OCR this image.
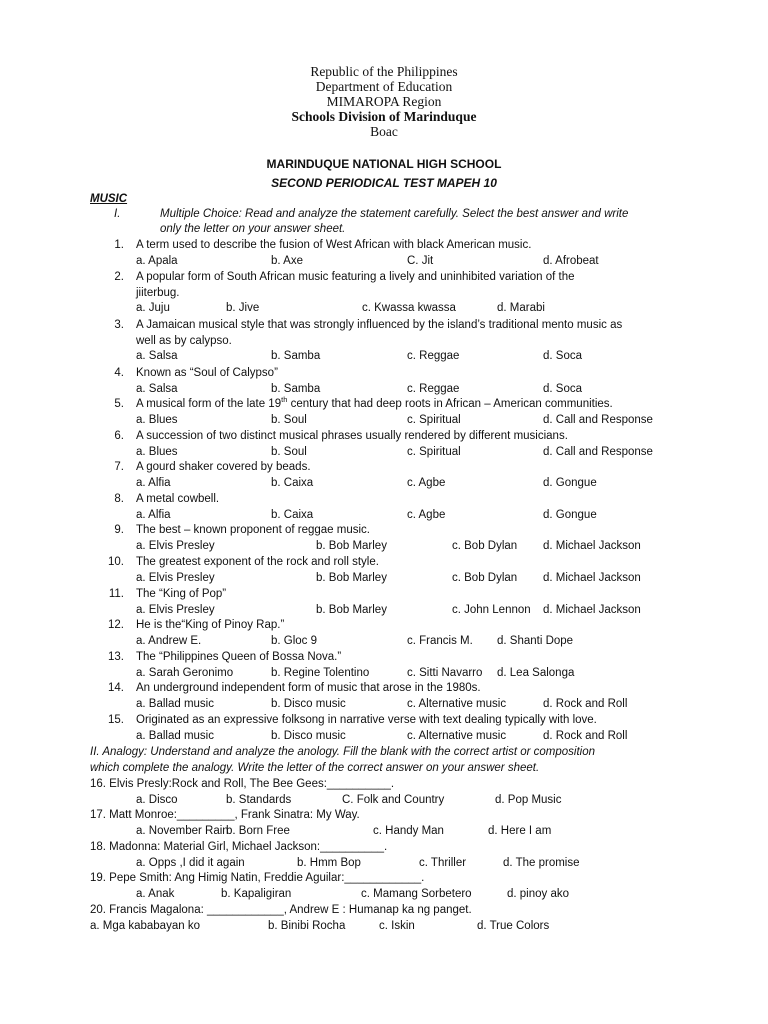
Republic of the Philippines
Department of Education
MIMAROPA Region
Schools Division of Marinduque
Boac
MARINDUQUE NATIONAL HIGH SCHOOL
SECOND PERIODICAL TEST MAPEH 10
MUSIC
I.	Multiple Choice: Read and analyze the statement carefully. Select the best answer and write
only the letter on your answer sheet.
1. A term used to describe the fusion of West African with black American music.
a. Apala	b. Axe	C. Jit	d. Afrobeat
2. A popular form of South African music featuring a lively and uninhibited variation of the
jiiterbug.
a. Juju	b. Jive	c. Kwassa kwassa	d. Marabi
3. A Jamaican musical style that was strongly influenced by the island’s traditional mento music as
well as by calypso.
a. Salsa	b. Samba	c. Reggae	d. Soca
4. Known as “Soul of Calypso”
a. Salsa	b. Samba	c. Reggae	d. Soca
5. A musical form of the late 19th century that had deep roots in African – American communities.
a. Blues	b. Soul	c. Spiritual	d. Call and Response
6. A succession of two distinct musical phrases usually rendered by different musicians.
a. Blues	b. Soul	c. Spiritual	d. Call and Response
7. A gourd shaker covered by beads.
a. Alfia	b. Caixa	c. Agbe	d. Gongue
8. A metal cowbell.
a. Alfia	b. Caixa	c. Agbe	d. Gongue
9. The best – known proponent of reggae music.
a. Elvis Presley	b. Bob Marley	c. Bob Dylan d. Michael Jackson
10. The greatest exponent of the rock and roll style.
a. Elvis Presley	b. Bob Marley	c. Bob Dylan d. Michael Jackson
11. The “King of Pop”
a. Elvis Presley	b. Bob Marley	c. John Lennon d. Michael Jackson
12. He is the“King of Pinoy Rap.”
a. Andrew E.	b. Gloc 9	c. Francis M. d. Shanti Dope
13. The “Philippines Queen of Bossa Nova.”
a. Sarah Geronimo	b. Regine Tolentino	c. Sitti Navarro d. Lea Salonga
14. An underground independent form of music that arose in the 1980s.
a. Ballad music	b. Disco music	c. Alternative music	d. Rock and Roll
15. Originated as an expressive folksong in narrative verse with text dealing typically with love.
a. Ballad music	b. Disco music	c. Alternative music	d. Rock and Roll
II. Analogy: Understand and analyze the anology. Fill the blank with the correct artist or composition
which complete the analogy. Write the letter of the correct answer on your answer sheet.
16. Elvis Presly:Rock and Roll, The Bee Gees:__________.
a. Disco	b. Standards	C. Folk and Country	d. Pop Music
17. Matt Monroe:_________, Frank Sinatra: My Way.
a. November Rain
b. Born Free	c. Handy Man	d. Here I am
18. Madonna: Material Girl, Michael Jackson:__________.
a. Opps ,I did it again	b. Hmm Bop	c. Thriller	d. The promise
19. Pepe Smith: Ang Himig Natin, Freddie Aguilar:____________.
a. Anak	b. Kapaligiran	c. Mamang Sorbetero	d. pinoy ako
20. Francis Magalona: ____________, Andrew E : Humanap ka ng panget.
a. Mga kababayan ko	b. Binibi Rocha	c. Iskin	d. True Colors
